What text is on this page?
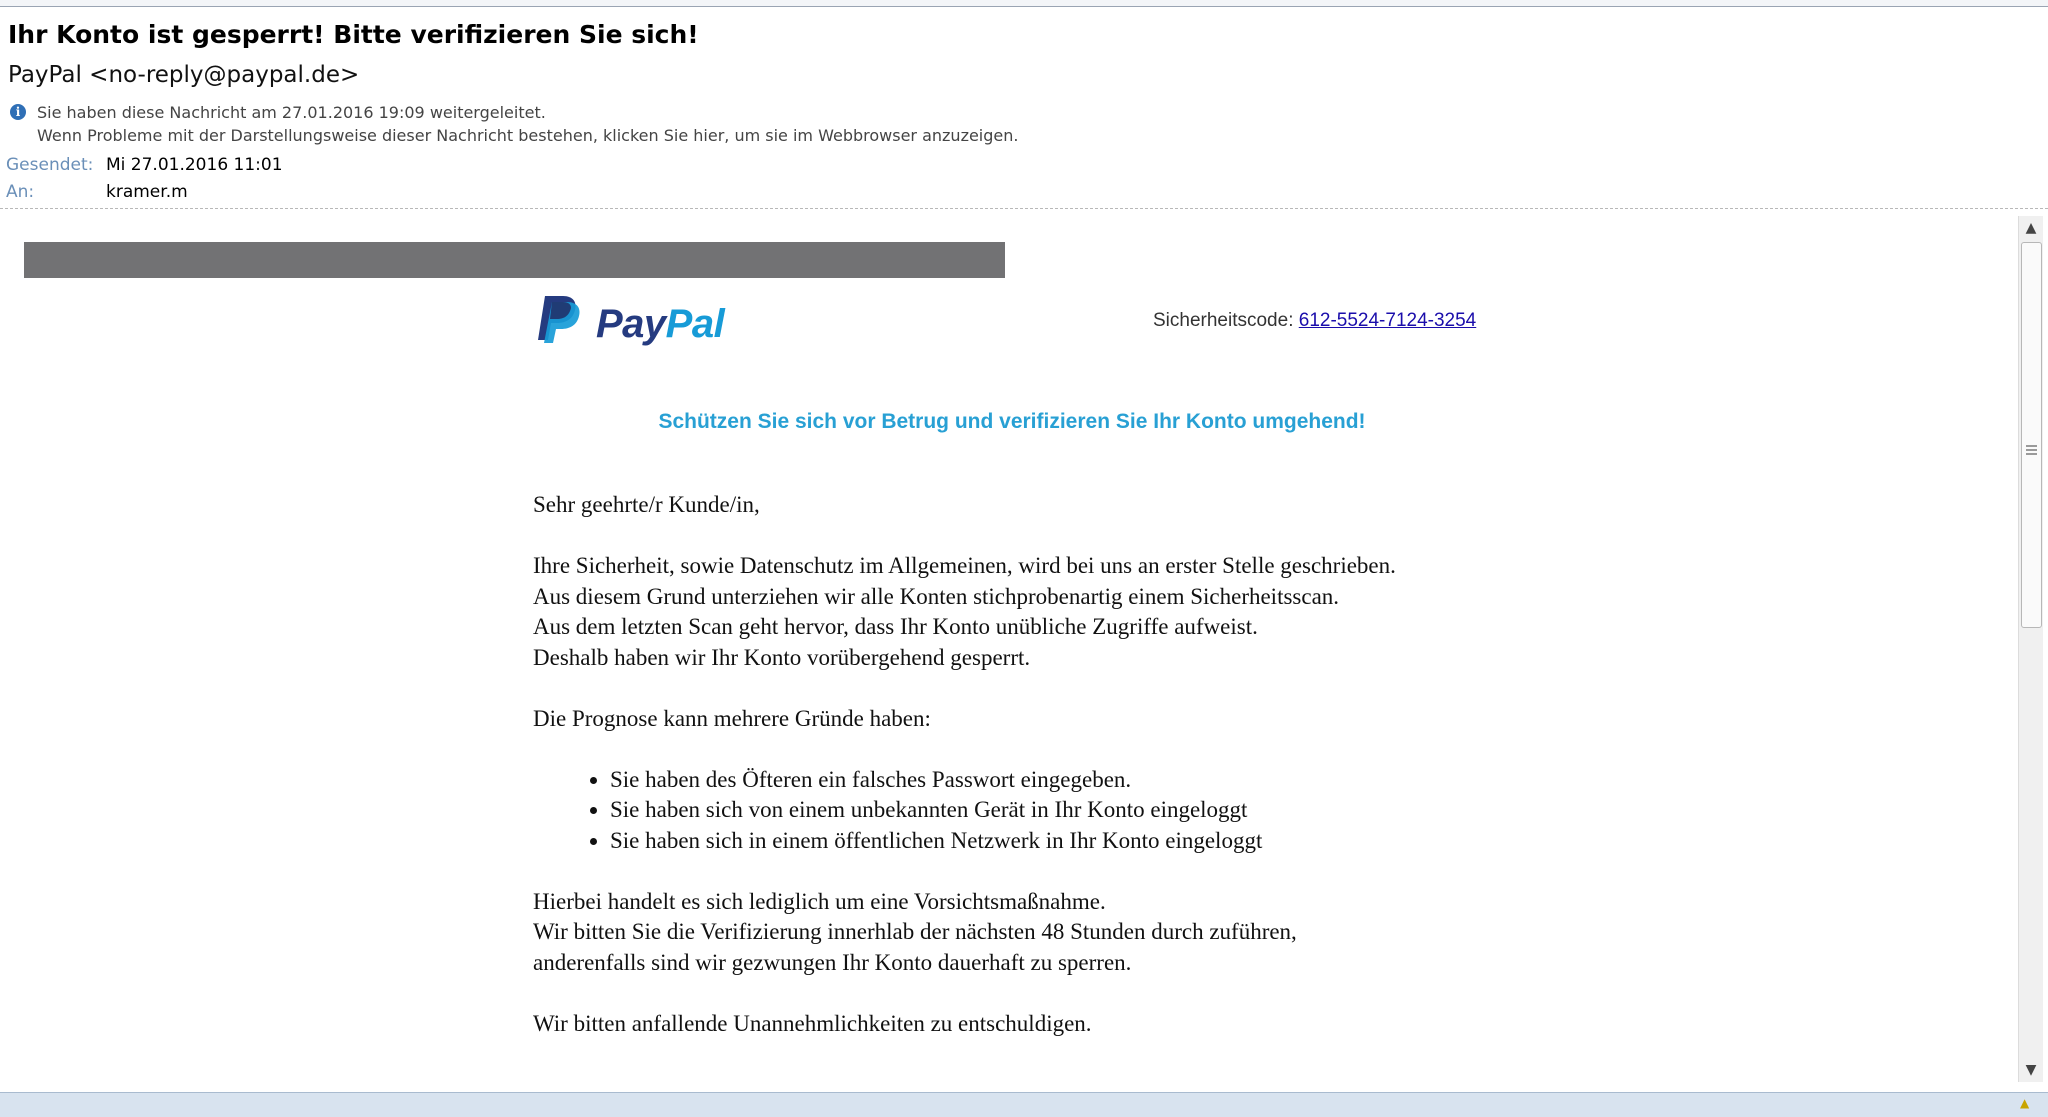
Ihr Konto ist gesperrt! Bitte verifizieren Sie sich!
PayPal <no-reply@paypal.de>
i	Sie haben diese Nachricht am 27.01.2016 19:09 weitergeleitet.
Wenn Probleme mit der Darstellungsweise dieser Nachricht bestehen, klicken Sie hier, um sie im Webbrowser anzuzeigen.
Gesendet: Mi 27.01.2016 11:01
An:	kramer.m
PayPal	Sicherheitscode: 612-5524-7124-3254
Schützen Sie sich vor Betrug und verifizieren Sie Ihr Konto umgehend!

Sehr geehrte/r Kunde/in,

Ihre Sicherheit, sowie Datenschutz im Allgemeinen, wird bei uns an erster Stelle geschrieben.
Aus diesem Grund unterziehen wir alle Konten stichprobenartig einem Sicherheitsscan.
Aus dem letzten Scan geht hervor, dass Ihr Konto unübliche Zugriffe aufweist.
Deshalb haben wir Ihr Konto vorübergehend gesperrt.

Die Prognose kann mehrere Gründe haben:

• Sie haben des Öfteren ein falsches Passwort eingegeben.
• Sie haben sich von einem unbekannten Gerät in Ihr Konto eingeloggt
• Sie haben sich in einem öffentlichen Netzwerk in Ihr Konto eingeloggt

Hierbei handelt es sich lediglich um eine Vorsichtsmaßnahme.
Wir bitten Sie die Verifizierung innerhlab der nächsten 48 Stunden durch zuführen,
anderenfalls sind wir gezwungen Ihr Konto dauerhaft zu sperren.

Wir bitten anfallende Unannehmlichkeiten zu entschuldigen.

▲
▼
▲
